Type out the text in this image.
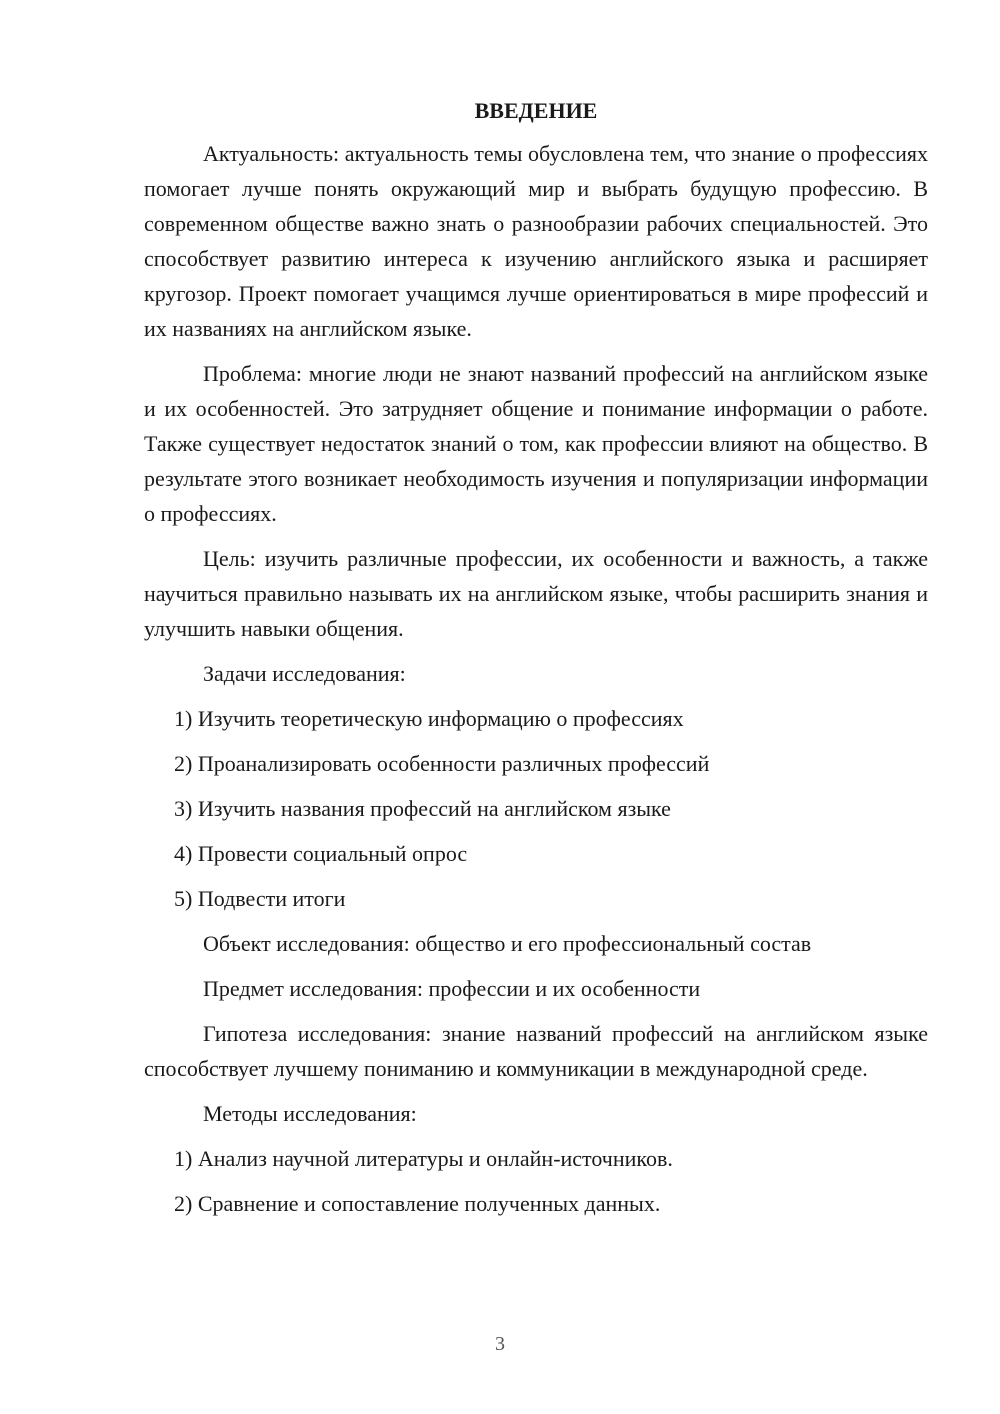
ВВЕДЕНИЕ

Актуальность: актуальность темы обусловлена тем, что знание о профессиях помогает лучше понять окружающий мир и выбрать будущую профессию. В современном обществе важно знать о разнообразии рабочих специальностей. Это способствует развитию интереса к изучению английского языка и расширяет кругозор. Проект помогает учащимся лучше ориентироваться в мире профессий и их названиях на английском языке.

Проблема: многие люди не знают названий профессий на английском языке и их особенностей. Это затрудняет общение и понимание информации о работе. Также существует недостаток знаний о том, как профессии влияют на общество. В результате этого возникает необходимость изучения и популяризации информации о профессиях.

Цель: изучить различные профессии, их особенности и важность, а также научиться правильно называть их на английском языке, чтобы расширить знания и улучшить навыки общения.

Задачи исследования:
1) Изучить теоретическую информацию о профессиях
2) Проанализировать особенности различных профессий
3) Изучить названия профессий на английском языке
4) Провести социальный опрос
5) Подвести итоги
Объект исследования: общество и его профессиональный состав
Предмет исследования: профессии и их особенности

Гипотеза исследования: знание названий профессий на английском языке способствует лучшему пониманию и коммуникации в международной среде.

Методы исследования:
1) Анализ научной литературы и онлайн-источников.
2) Сравнение и сопоставление полученных данных.
3
